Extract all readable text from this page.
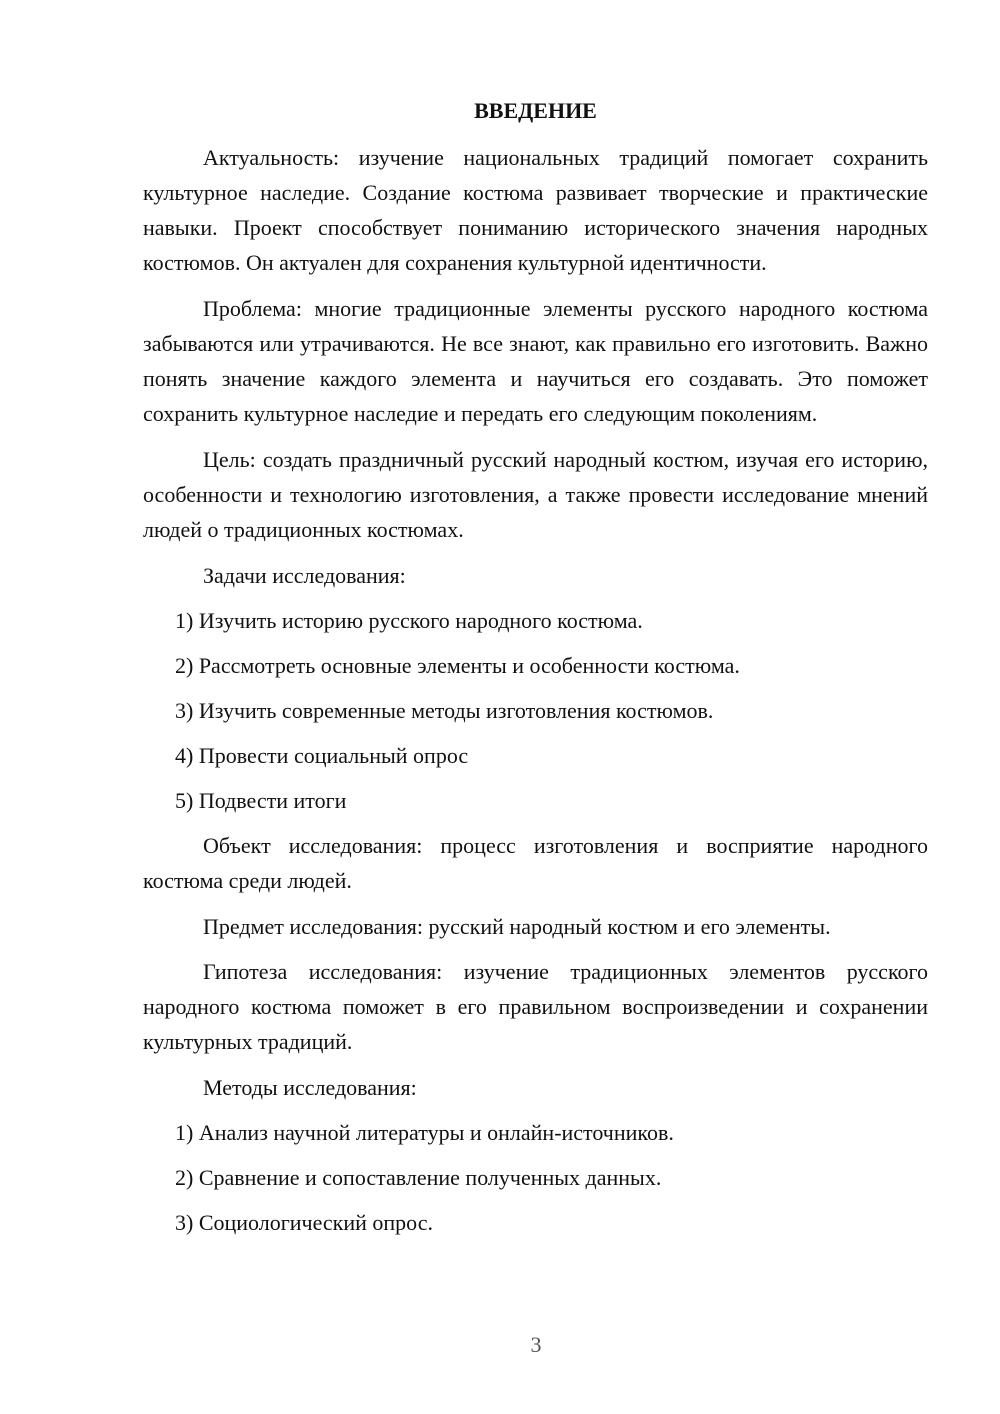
ВВЕДЕНИЕ

Актуальность: изучение национальных традиций помогает сохранить культурное наследие. Создание костюма развивает творческие и практические навыки. Проект способствует пониманию исторического значения народных костюмов. Он актуален для сохранения культурной идентичности.

Проблема: многие традиционные элементы русского народного костюма забываются или утрачиваются. Не все знают, как правильно его изготовить. Важно понять значение каждого элемента и научиться его создавать. Это поможет сохранить культурное наследие и передать его следующим поколениям.

Цель: создать праздничный русский народный костюм, изучая его историю, особенности и технологию изготовления, а также провести исследование мнений людей о традиционных костюмах.

Задачи исследования:

1) Изучить историю русского народного костюма.
2) Рассмотреть основные элементы и особенности костюма.
3) Изучить современные методы изготовления костюмов.
4) Провести социальный опрос
5) Подвести итоги

Объект исследования: процесс изготовления и восприятие народного костюма среди людей.

Предмет исследования: русский народный костюм и его элементы.

Гипотеза исследования: изучение традиционных элементов русского народного костюма поможет в его правильном воспроизведении и сохранении культурных традиций.

Методы исследования:

1) Анализ научной литературы и онлайн-источников.
2) Сравнение и сопоставление полученных данных.
3) Социологический опрос.
3
